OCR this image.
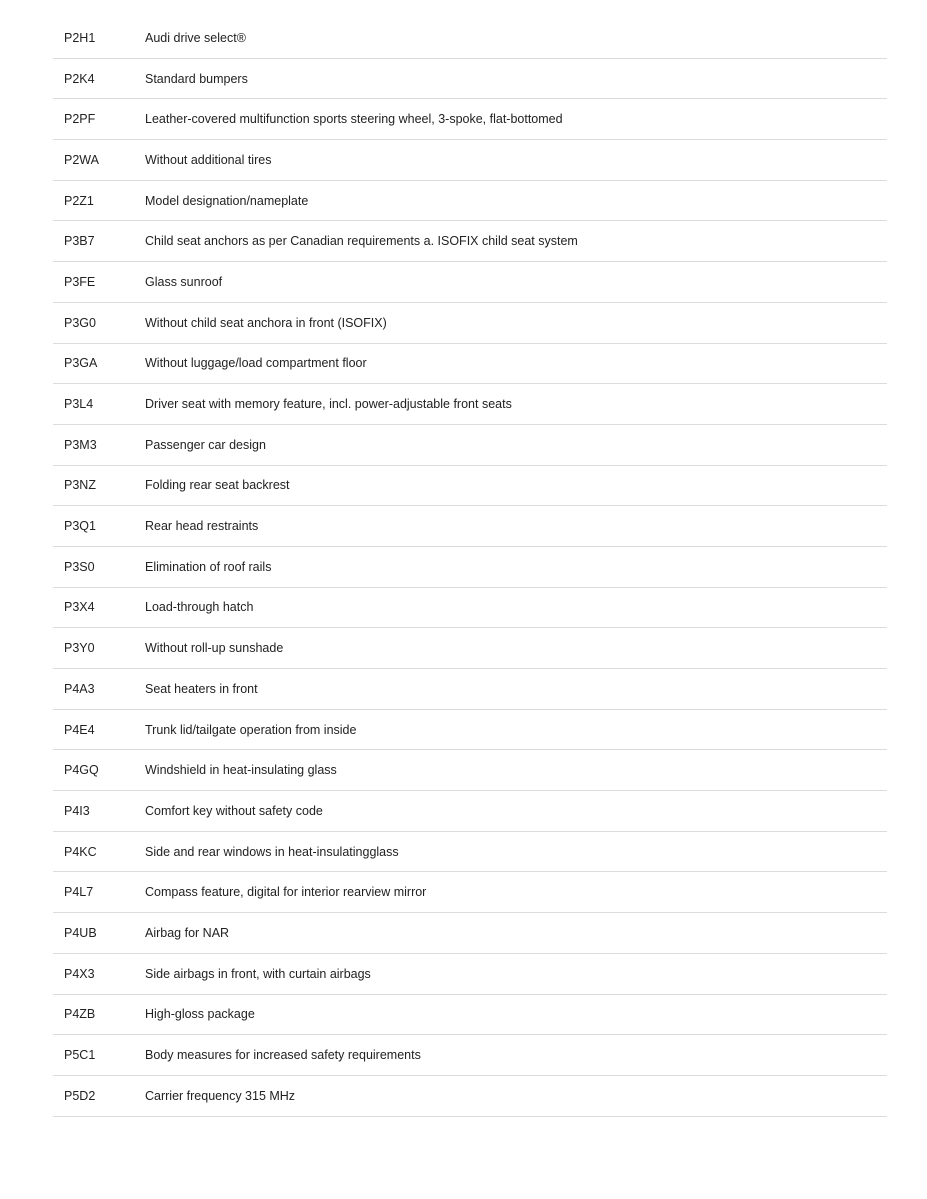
P2H1	Audi drive select®
P2K4	Standard bumpers
P2PF	Leather-covered multifunction sports steering wheel, 3-spoke, flat-bottomed
P2WA	Without additional tires
P2Z1	Model designation/nameplate
P3B7	Child seat anchors as per Canadian requirements a. ISOFIX child seat system
P3FE	Glass sunroof
P3G0	Without child seat anchora in front (ISOFIX)
P3GA	Without luggage/load compartment floor
P3L4	Driver seat with memory feature, incl. power-adjustable front seats
P3M3	Passenger car design
P3NZ	Folding rear seat backrest
P3Q1	Rear head restraints
P3S0	Elimination of roof rails
P3X4	Load-through hatch
P3Y0	Without roll-up sunshade
P4A3	Seat heaters in front
P4E4	Trunk lid/tailgate operation from inside
P4GQ	Windshield in heat-insulating glass
P4I3	Comfort key without safety code
P4KC	Side and rear windows in heat-insulatingglass
P4L7	Compass feature, digital for interior rearview mirror
P4UB	Airbag for NAR
P4X3	Side airbags in front, with curtain airbags
P4ZB	High-gloss package
P5C1	Body measures for increased safety requirements
P5D2	Carrier frequency 315 MHz
